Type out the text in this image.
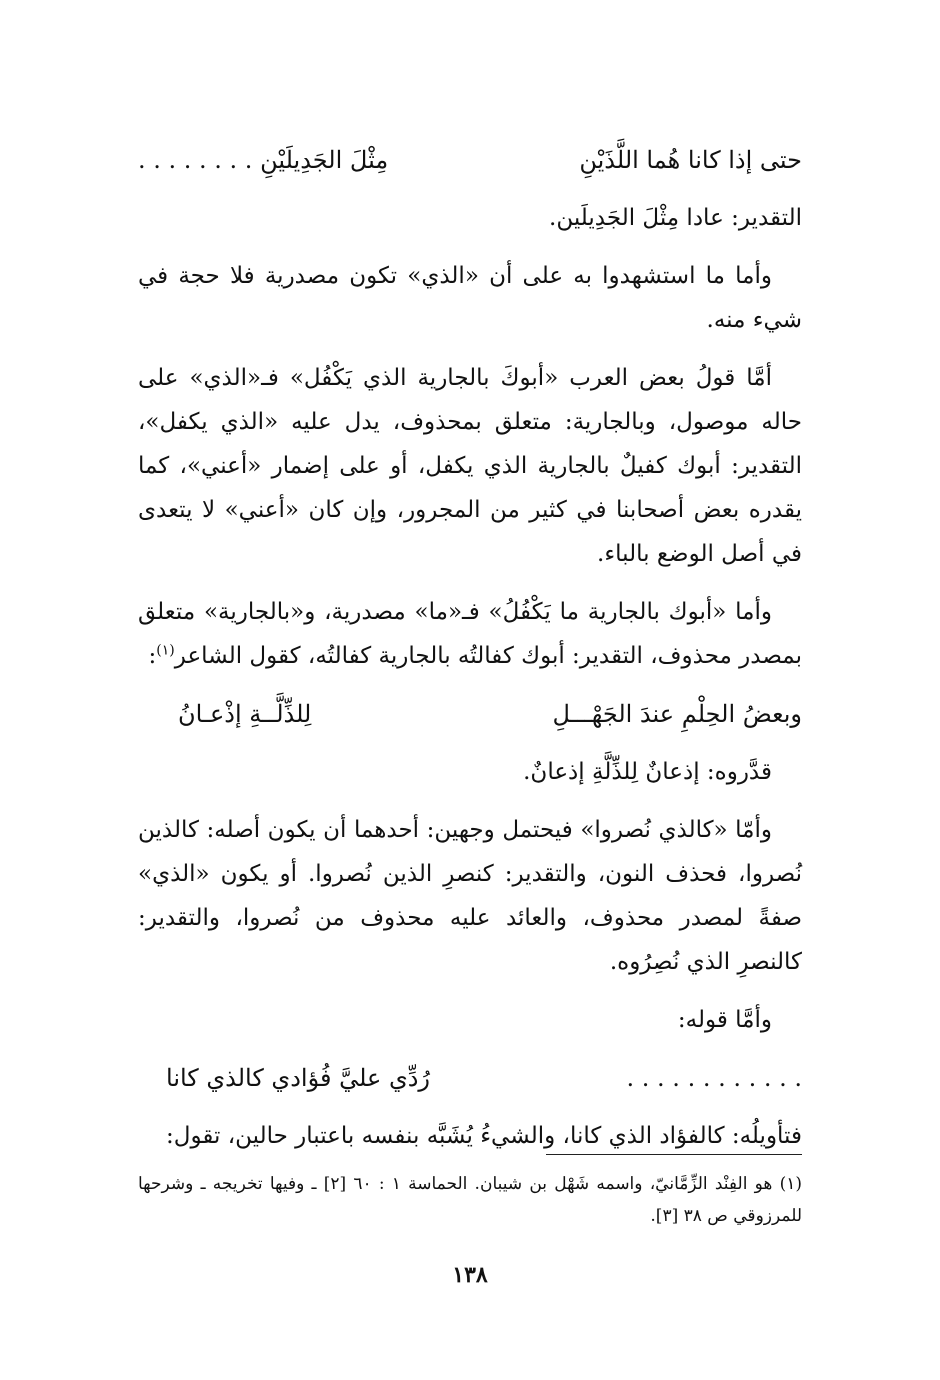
حتى إذا كانا هُما اللَّذَيْنِ
مِثْلَ الجَدِيلَيْنِ . . . . . . . .

التقدير: عادا مِثْلَ الجَدِيلَين.

وأما ما استشهدوا به على أن «الذي» تكون مصدرية فلا حجة في شيء منه.

أمَّا قولُ بعض العرب «أبوكَ بالجارية الذي يَكْفُل» فـ«الذي» على حاله موصول، وبالجارية: متعلق بمحذوف، يدل عليه «الذي يكفل»، التقدير: أبوك كفيلٌ بالجارية الذي يكفل، أو على إضمار «أعني»، كما يقدره بعض أصحابنا في كثير من المجرور، وإن كان «أعني» لا يتعدى في أصل الوضع بالباء.

وأما «أبوك بالجارية ما يَكْفُلُ» فـ«ما» مصدرية، و«بالجارية» متعلق بمصدر محذوف، التقدير: أبوك كفالتُه بالجارية كفالتُه، كقول الشاعر$^{(١)}$:

وبعضُ الحِلْمِ عندَ الجَهْـــلِ
لِلذِّلَّــةِ إذْعـانُ

قدَّروه: إذعانٌ لِلذِّلَّةِ إذعانٌ.

وأمّا «كالذي نُصروا» فيحتمل وجهين: أحدهما أن يكون أصله: كالذين نُصروا، فحذف النون، والتقدير: كنصرِ الذين نُصروا. أو يكون «الذي» صفةً لمصدر محذوف، والعائد عليه محذوف من نُصروا، والتقدير: كالنصرِ الذي نُصِرُوه.

وأمَّا قوله:

. . . . . . . . . . . .
رُدِّي عليَّ فُؤادي كالذي كانا

فتأويلُه: كالفؤاد الذي كانا، والشيءُ يُشَبَّه بنفسه باعتبار حالين، تقول:

(١) هو الفِنْد الزِّمَّانيّ، واسمه شَهْل بن شيبان. الحماسة ١ : ٦٠ [٢] ـ وفيها تخريجه ـ وشرحها للمرزوقي ص ٣٨ [٣].
١٣٨
